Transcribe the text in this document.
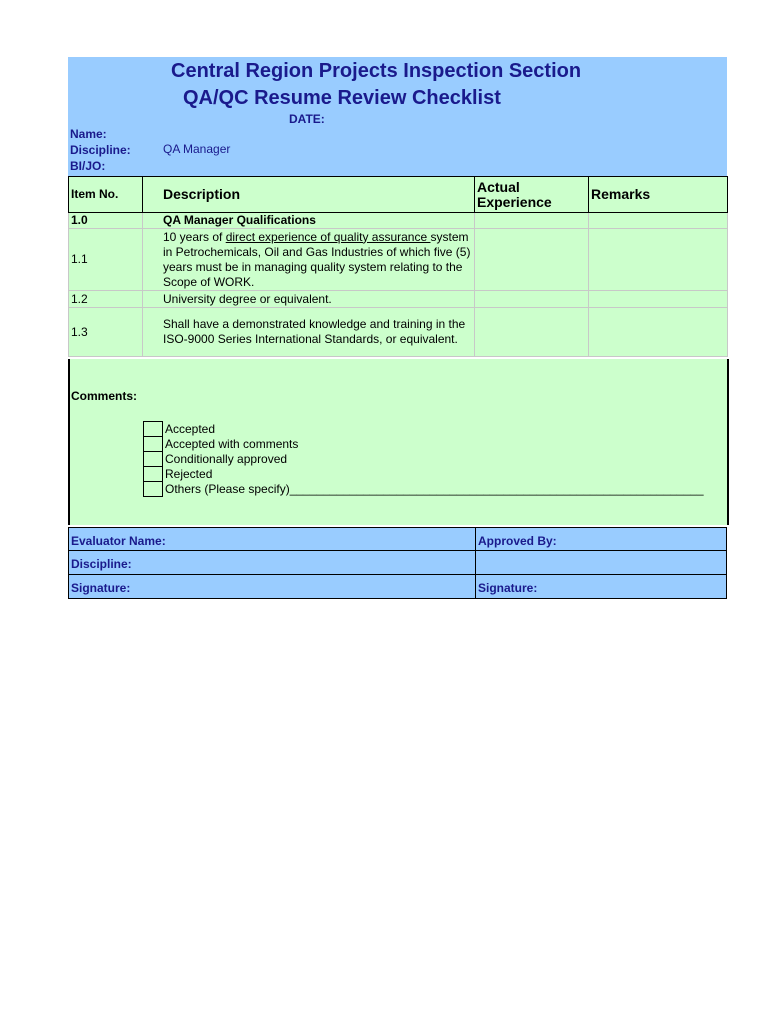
Central Region Projects Inspection Section
QA/QC Resume Review Checklist
DATE:
Name:
Discipline:	QA Manager
BI/JO:
Item No.	Description	Actual Experience	Remarks
1.0	QA Manager Qualifications		
1.1	10 years of direct experience of quality assurance system in Petrochemicals, Oil and Gas Industries of which five (5) years must be in managing quality system relating to the Scope of WORK.		
1.2	University degree or equivalent.		
1.3	Shall have a demonstrated knowledge and training in the ISO-9000 Series International Standards, or equivalent.		
Comments:
Accepted
Accepted with comments
Conditionally approved
Rejected
Others (Please specify)______________________________________________________________
Evaluator Name:	Approved By:
Discipline:
Signature:	Signature:
